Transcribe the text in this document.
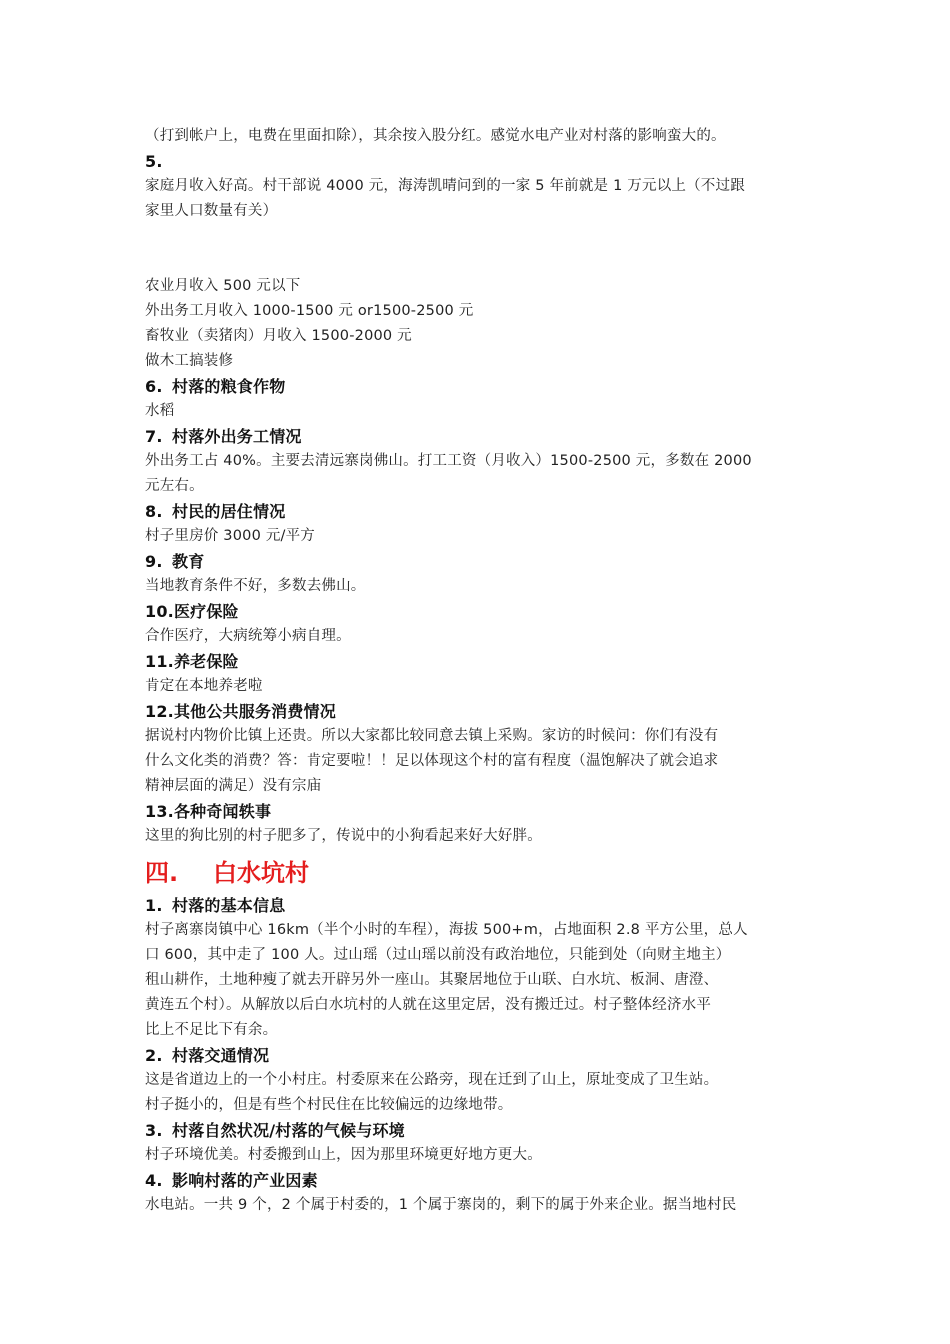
（打到帐户上，电费在里面扣除），其余按入股分红。感觉水电产业对村落的影响蛮大的。

5.

家庭月收入好高。村干部说 4000 元，海涛凯晴问到的一家 5 年前就是 1 万元以上（不过跟

家里人口数量有关）

农业月收入 500 元以下

外出务工月收入 1000-1500 元 or1500-2500 元

畜牧业（卖猪肉）月收入 1500-2000 元

做木工搞装修

6. 村落的粮食作物

水稻

7. 村落外出务工情况

外出务工占 40%。主要去清远寨岗佛山。打工工资（月收入）1500-2500 元，多数在 2000

元左右。

8. 村民的居住情况

村子里房价 3000 元/平方

9. 教育

当地教育条件不好，多数去佛山。

10.医疗保险

合作医疗，大病统筹小病自理。

11.养老保险

肯定在本地养老啦

12.其他公共服务消费情况

据说村内物价比镇上还贵。所以大家都比较同意去镇上采购。家访的时候问：你们有没有

什么文化类的消费？答：肯定要啦！！足以体现这个村的富有程度（温饱解决了就会追求

精神层面的满足）没有宗庙

13.各种奇闻轶事

这里的狗比别的村子肥多了，传说中的小狗看起来好大好胖。

四. 白水坑村

1. 村落的基本信息

村子离寨岗镇中心 16km（半个小时的车程），海拔 500+m，占地面积 2.8 平方公里，总人

口 600，其中走了 100 人。过山瑶（过山瑶以前没有政治地位，只能到处（向财主地主）

租山耕作，土地种瘦了就去开辟另外一座山。其聚居地位于山联、白水坑、板洞、唐澄、

黄连五个村）。从解放以后白水坑村的人就在这里定居，没有搬迁过。村子整体经济水平

比上不足比下有余。

2. 村落交通情况

这是省道边上的一个小村庄。村委原来在公路旁，现在迁到了山上，原址变成了卫生站。

村子挺小的，但是有些个村民住在比较偏远的边缘地带。

3. 村落自然状况/村落的气候与环境

村子环境优美。村委搬到山上，因为那里环境更好地方更大。

4. 影响村落的产业因素

水电站。一共 9 个，2 个属于村委的，1 个属于寨岗的，剩下的属于外来企业。据当地村民
